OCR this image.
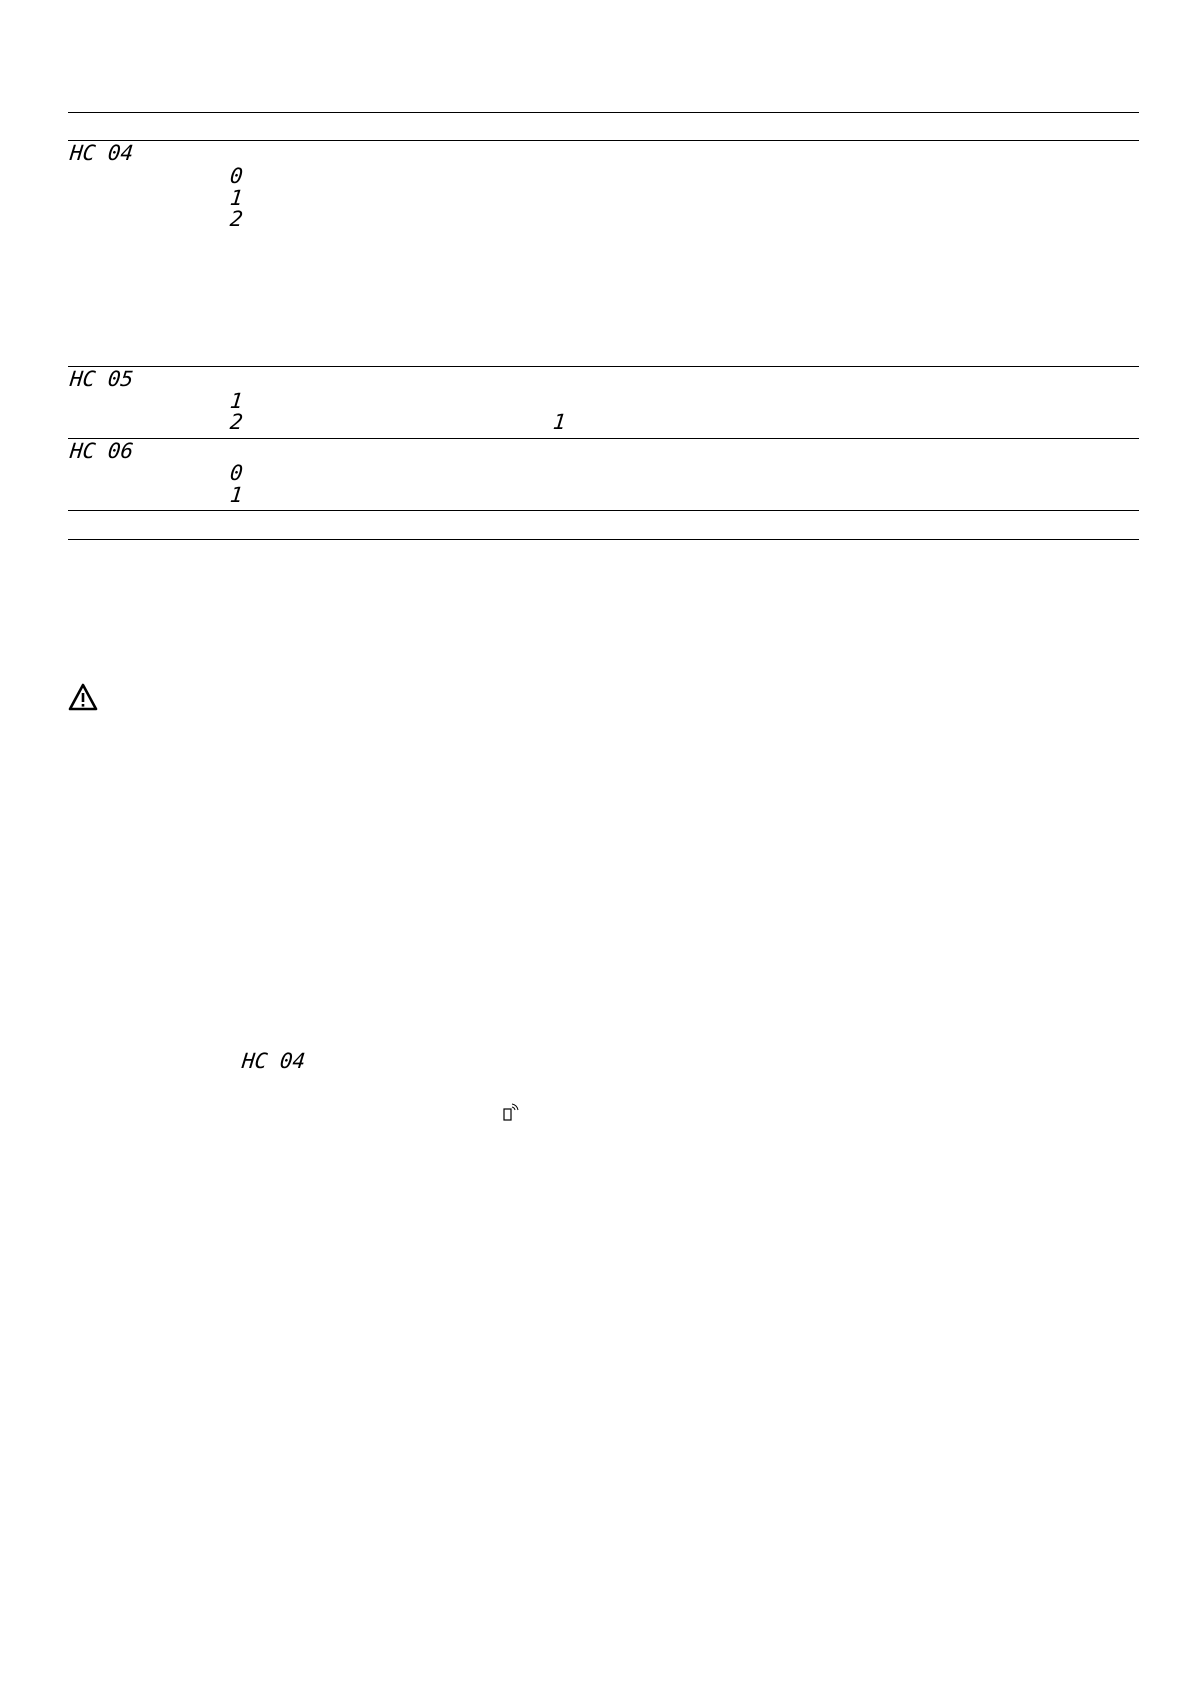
HC 04
0
1
2
HC 05
1
2	1
HC 06
0
1
HC 04
